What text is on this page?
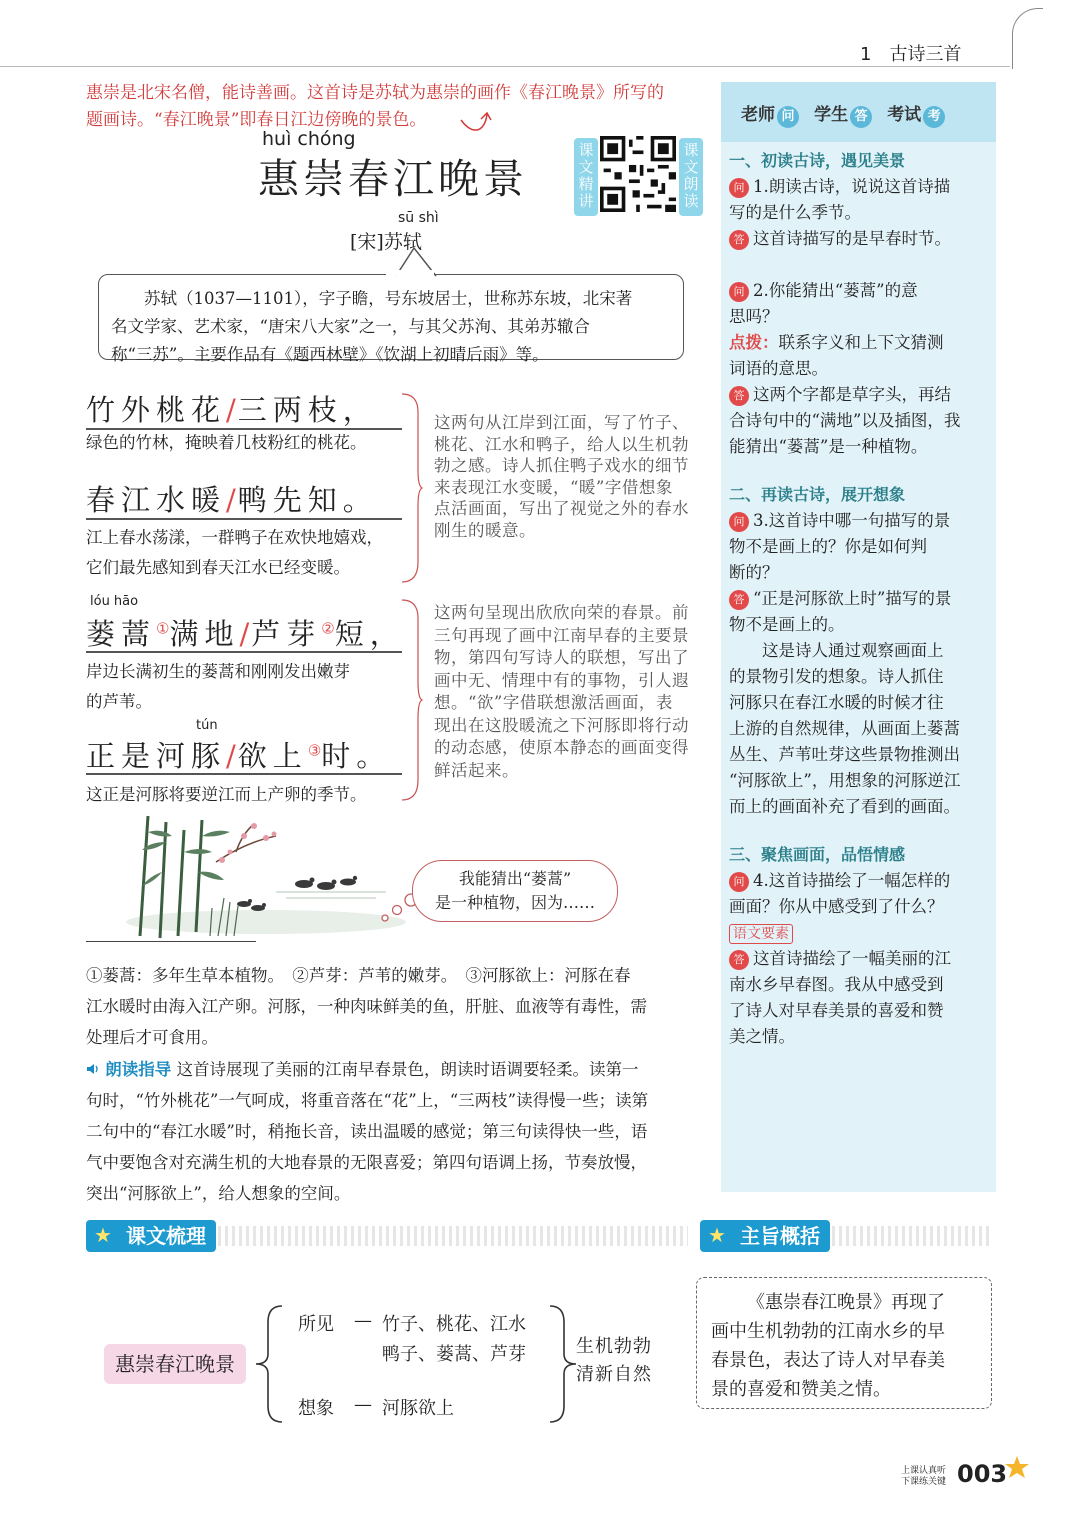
1　古诗三首
惠崇是北宋名僧，能诗善画。这首诗是苏轼为惠崇的画作《春江晚景》所写的
题画诗。“春江晚景”即春日江边傍晚的景色。
huì chóng
惠崇春江晚景
sū shì
[宋]苏轼
课文精讲
课文朗读
苏轼（1037—1101），字子瞻，号东坡居士，世称苏东坡，北宋著
名文学家、艺术家，“唐宋八大家”之一，与其父苏洵、其弟苏辙合
称“三苏”。主要作品有《题西林壁》《饮湖上初晴后雨》等。
竹外桃花/三两枝，
绿色的竹林，掩映着几枝粉红的桃花。
春江水暖/鸭先知。
江上春水荡漾，一群鸭子在欢快地嬉戏，
它们最先感知到春天江水已经变暖。
这两句从江岸到江面，写了竹子、
桃花、江水和鸭子，给人以生机勃
勃之感。诗人抓住鸭子戏水的细节
来表现江水变暖，“暖”字借想象
点活画面，写出了视觉之外的春水
刚生的暖意。
lóu hāo
蒌蒿①满地/芦芽②短，
岸边长满初生的蒌蒿和刚刚发出嫩芽
的芦苇。
tún
正是河豚/欲上③时。
这正是河豚将要逆江而上产卵的季节。
这两句呈现出欣欣向荣的春景。前
三句再现了画中江南早春的主要景
物，第四句写诗人的联想，写出了
画中无、情理中有的事物，引人遐
想。“欲”字借联想激活画面，表
现出在这股暖流之下河豚即将行动
的动态感，使原本静态的画面变得
鲜活起来。
我能猜出“蒌蒿”
是一种植物，因为……
①蒌蒿：多年生草本植物。　②芦芽：芦苇的嫩芽。　③河豚欲上：河豚在春
江水暖时由海入江产卵。河豚，一种肉味鲜美的鱼，肝脏、血液等有毒性，需
处理后才可食用。
朗读指导 这首诗展现了美丽的江南早春景色，朗读时语调要轻柔。读第一
句时，“竹外桃花”一气呵成，将重音落在“花”上，“三两枝”读得慢一些；读第
二句中的“春江水暖”时，稍拖长音，读出温暖的感觉；第三句读得快一些，语
气中要饱含对充满生机的大地春景的无限喜爱；第四句语调上扬，节奏放慢，
突出“河豚欲上”，给人想象的空间。
老师 问 学生 答 考试 考
一、初读古诗，遇见美景
问 1.朗读古诗，说说这首诗描
写的是什么季节。
答 这首诗描写的是早春时节。
问 2.你能猜出“蒌蒿”的意
思吗？
点拨：联系字义和上下文猜测
词语的意思。
答 这两个字都是草字头，再结
合诗句中的“满地”以及插图，我
能猜出“蒌蒿”是一种植物。
二、再读古诗，展开想象
问 3.这首诗中哪一句描写的景
物不是画上的？你是如何判
断的？
答 “正是河豚欲上时”描写的景
物不是画上的。
这是诗人通过观察画面上
的景物引发的想象。诗人抓住
河豚只在春江水暖的时候才往
上游的自然规律，从画面上蒌蒿
丛生、芦苇吐芽这些景物推测出
“河豚欲上”，用想象的河豚逆江
而上的画面补充了看到的画面。
三、聚焦画面，品悟情感
问 4.这首诗描绘了一幅怎样的
画面？你从中感受到了什么？
语文要素
答 这首诗描绘了一幅美丽的江
南水乡早春图。我从中感受到
了诗人对早春美景的喜爱和赞
美之情。
★ 课文梳理
惠崇春江晚景
所见 — 竹子、桃花、江水
鸭子、蒌蒿、芦芽
想象 — 河豚欲上
生机勃勃
清新自然
★ 主旨概括
《惠崇春江晚景》再现了
画中生机勃勃的江南水乡的早
春景色，表达了诗人对早春美
景的喜爱和赞美之情。
上课认真听
下课练关键 003
